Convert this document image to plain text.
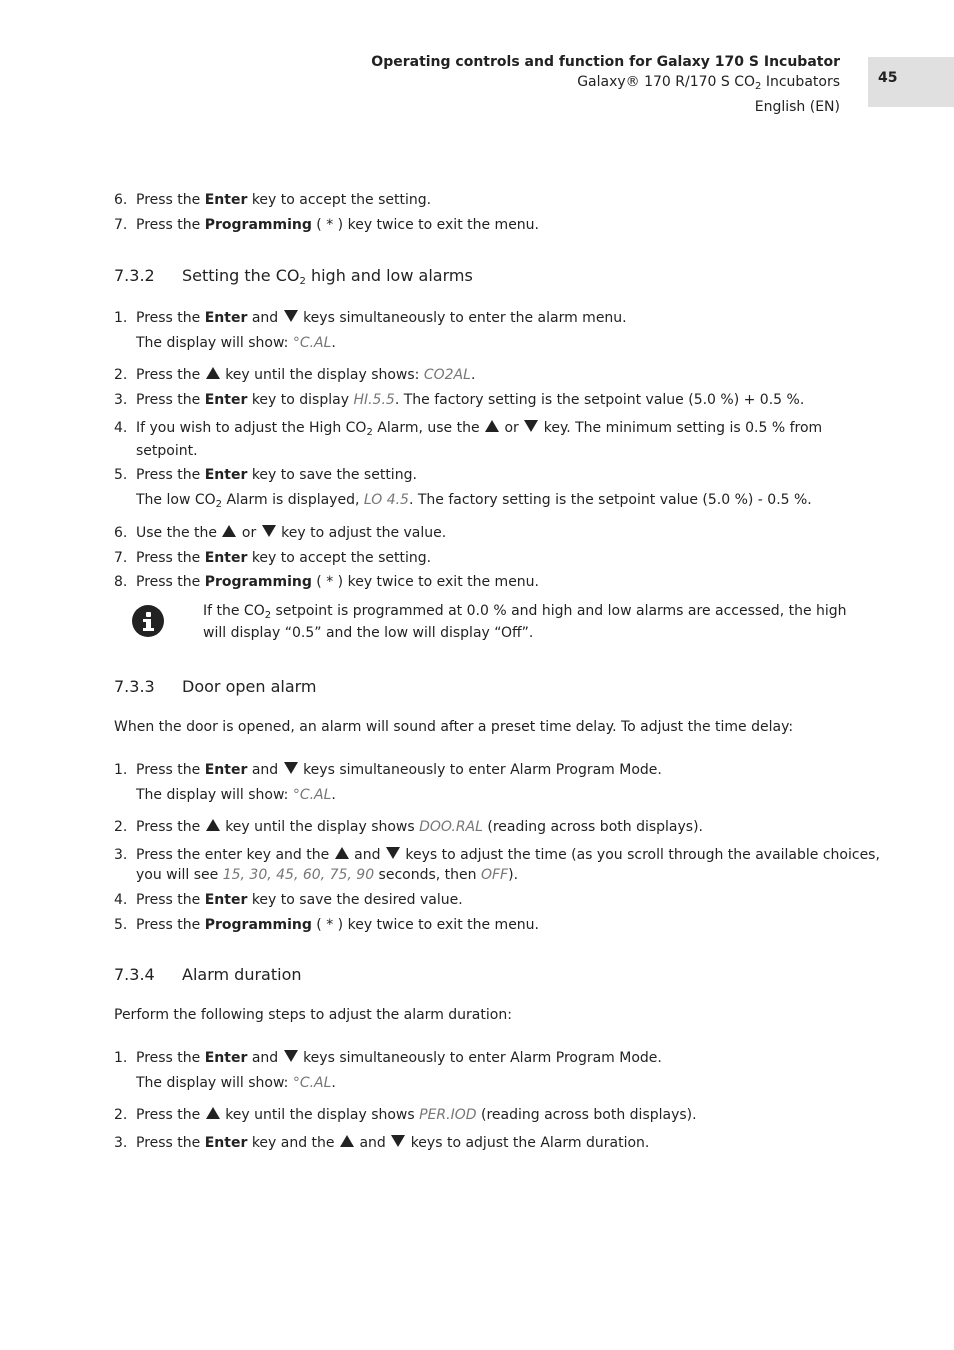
Operating controls and function for Galaxy 170 S Incubator
Galaxy® 170 R/170 S $CO_2$ Incubators
English (EN)
45
6. Press the Enter key to accept the setting.
7. Press the Programming ( * ) key twice to exit the menu.
7.3.2 Setting the $CO_2$ high and low alarms
1. Press the Enter and keys simultaneously to enter the alarm menu.
The display will show: °C.AL.
2. Press the key until the display shows: CO2AL.
3. Press the Enter key to display HI.5.5. The factory setting is the setpoint value (5.0 %) + 0.5 %.
4. If you wish to adjust the High $CO_2$ Alarm, use the or key. The minimum setting is 0.5 % from
setpoint.
5. Press the Enter key to save the setting.
The low $CO_2$ Alarm is displayed, LO 4.5. The factory setting is the setpoint value (5.0 %) - 0.5 %.
6. Use the the or key to adjust the value.
7. Press the Enter key to accept the setting.
8. Press the Programming ( * ) key twice to exit the menu.
If the $CO_2$ setpoint is programmed at 0.0 % and high and low alarms are accessed, the high
will display “0.5” and the low will display “Off”.
7.3.3 Door open alarm
When the door is opened, an alarm will sound after a preset time delay. To adjust the time delay:
1. Press the Enter and keys simultaneously to enter Alarm Program Mode.
The display will show: °C.AL.
2. Press the key until the display shows DOO.RAL (reading across both displays).
3. Press the enter key and the and keys to adjust the time (as you scroll through the available choices,
you will see 15, 30, 45, 60, 75, 90 seconds, then OFF).
4. Press the Enter key to save the desired value.
5. Press the Programming ( * ) key twice to exit the menu.
7.3.4 Alarm duration
Perform the following steps to adjust the alarm duration:
1. Press the Enter and keys simultaneously to enter Alarm Program Mode.
The display will show: °C.AL.
2. Press the key until the display shows PER.IOD (reading across both displays).
3. Press the Enter key and the and keys to adjust the Alarm duration.
